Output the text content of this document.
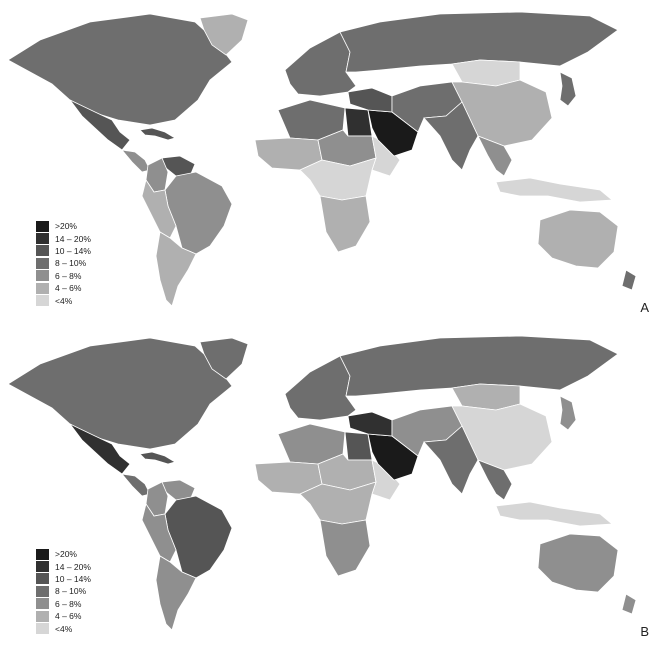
>20%
14 – 20%
10 – 14%
8 – 10%
6 – 8%
4 – 6%
<4%	A
>20%
14 – 20%
10 – 14%
8 – 10%
6 – 8%
4 – 6%
<4%	B
